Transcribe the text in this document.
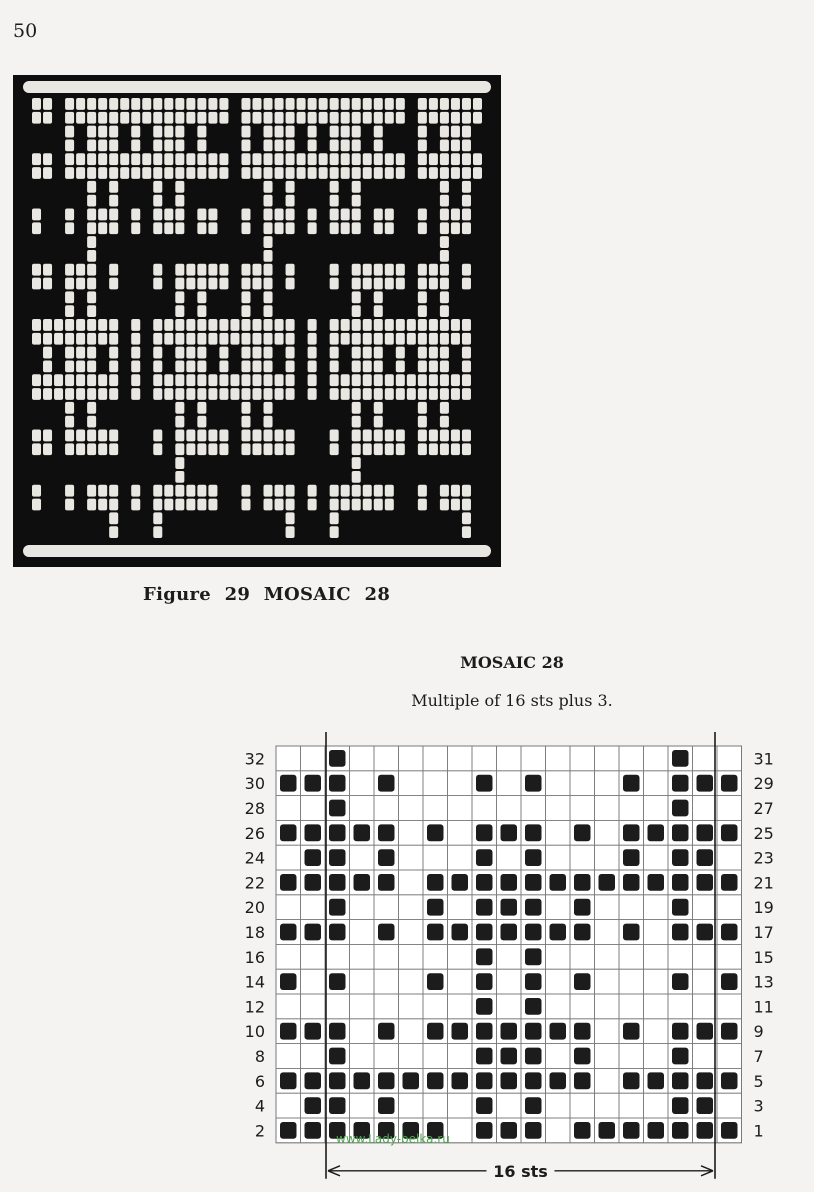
50
Figure 29 MOSAIC 28
MOSAIC 28
Multiple of 16 sts plus 3.
32	31
30	29
28	27
26	25
24	23
22	21
20	19
18	17
16	15
14	13
12	11
10	9
8	7
6	5
4	3
2	1
16 sts
www.Lady-belka.ru
